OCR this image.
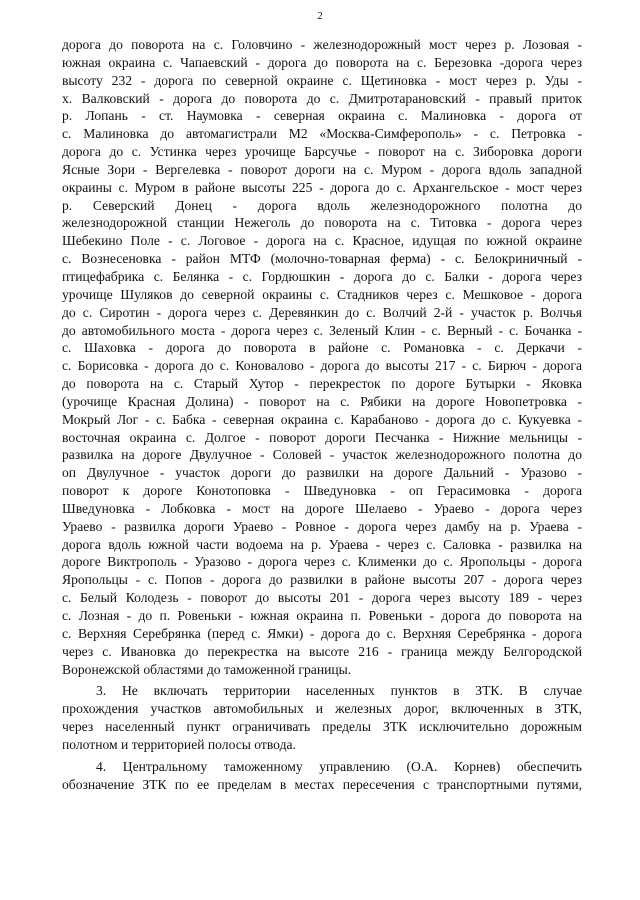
2
дорога до поворота на с. Головчино - железнодорожный мост через р. Лозовая -
южная окраина с. Чапаевский - дорога до поворота на с. Березовка -дорога через
высоту 232 - дорога по северной окраине с. Щетиновка - мост через р. Уды -
х. Валковский - дорога до поворота до с. Дмитротарановский - правый приток
р. Лопань - ст. Наумовка - северная окраина с. Малиновка - дорога от
с. Малиновка до автомагистрали М2 «Москва-Симферополь» - с. Петровка -
дорога до с. Устинка через урочище Барсучье - поворот на с. Зиборовка дороги
Ясные Зори - Вергелевка - поворот дороги на с. Муром - дорога вдоль западной
окраины с. Муром в районе высоты 225 - дорога до с. Архангельское - мост через
р. Северский Донец - дорога вдоль железнодорожного полотна до
железнодорожной станции Нежеголь до поворота на с. Титовка - дорога через
Шебекино Поле - с. Логовое - дорога на с. Красное, идущая по южной окраине
с. Вознесеновка - район МТФ (молочно-товарная ферма) - с. Белокриничный -
птицефабрика с. Белянка - с. Гордюшкин - дорога до с. Балки - дорога через
урочище Шуляков до северной окраины с. Стадников через с. Мешковое - дорога
до с. Сиротин - дорога через с. Деревянкин до с. Волчий 2-й - участок р. Волчья
до автомобильного моста - дорога через с. Зеленый Клин - с. Верный - с. Бочанка -
с. Шаховка - дорога до поворота в районе с. Романовка - с. Деркачи -
с. Борисовка - дорога до с. Коновалово - дорога до высоты 217 - с. Бирюч - дорога
до поворота на с. Старый Хутор - перекресток по дороге Бутырки - Яковка
(урочище Красная Долина) - поворот на с. Рябики на дороге Новопетровка -
Мокрый Лог - с. Бабка - северная окраина с. Карабаново - дорога до с. Кукуевка -
восточная окраина с. Долгое - поворот дороги Песчанка - Нижние мельницы -
развилка на дороге Двулучное - Соловей - участок железнодорожного полотна до
оп Двулучное - участок дороги до развилки на дороге Дальний - Уразово -
поворот к дороге Конотоповка - Шведуновка - оп Герасимовка - дорога
Шведуновка - Лобковка - мост на дороге Шелаево - Ураево - дорога через
Ураево - развилка дороги Ураево - Ровное - дорога через дамбу на р. Ураева -
дорога вдоль южной части водоема на р. Ураева - через с. Саловка - развилка на
дороге Виктрополь - Уразово - дорога через с. Клименки до с. Яропольцы - дорога
Яропольцы - с. Попов - дорога до развилки в районе высоты 207 - дорога через
с. Белый Колодезь - поворот до высоты 201 - дорога через высоту 189 - через
с. Лозная - до п. Ровеньки - южная окраина п. Ровеньки - дорога до поворота на
с. Верхняя Серебрянка (перед с. Ямки) - дорога до с. Верхняя Серебрянка - дорога
через с. Ивановка до перекрестка на высоте 216 - граница между Белгородской
Воронежской областями до таможенной границы.
3. Не включать территории населенных пунктов в ЗТК. В случае
прохождения участков автомобильных и железных дорог, включенных в ЗТК,
через населенный пункт ограничивать пределы ЗТК исключительно дорожным
полотном и территорией полосы отвода.
4. Центральному таможенному управлению (О.А. Корнев) обеспечить
обозначение ЗТК по ее пределам в местах пересечения с транспортными путями,
